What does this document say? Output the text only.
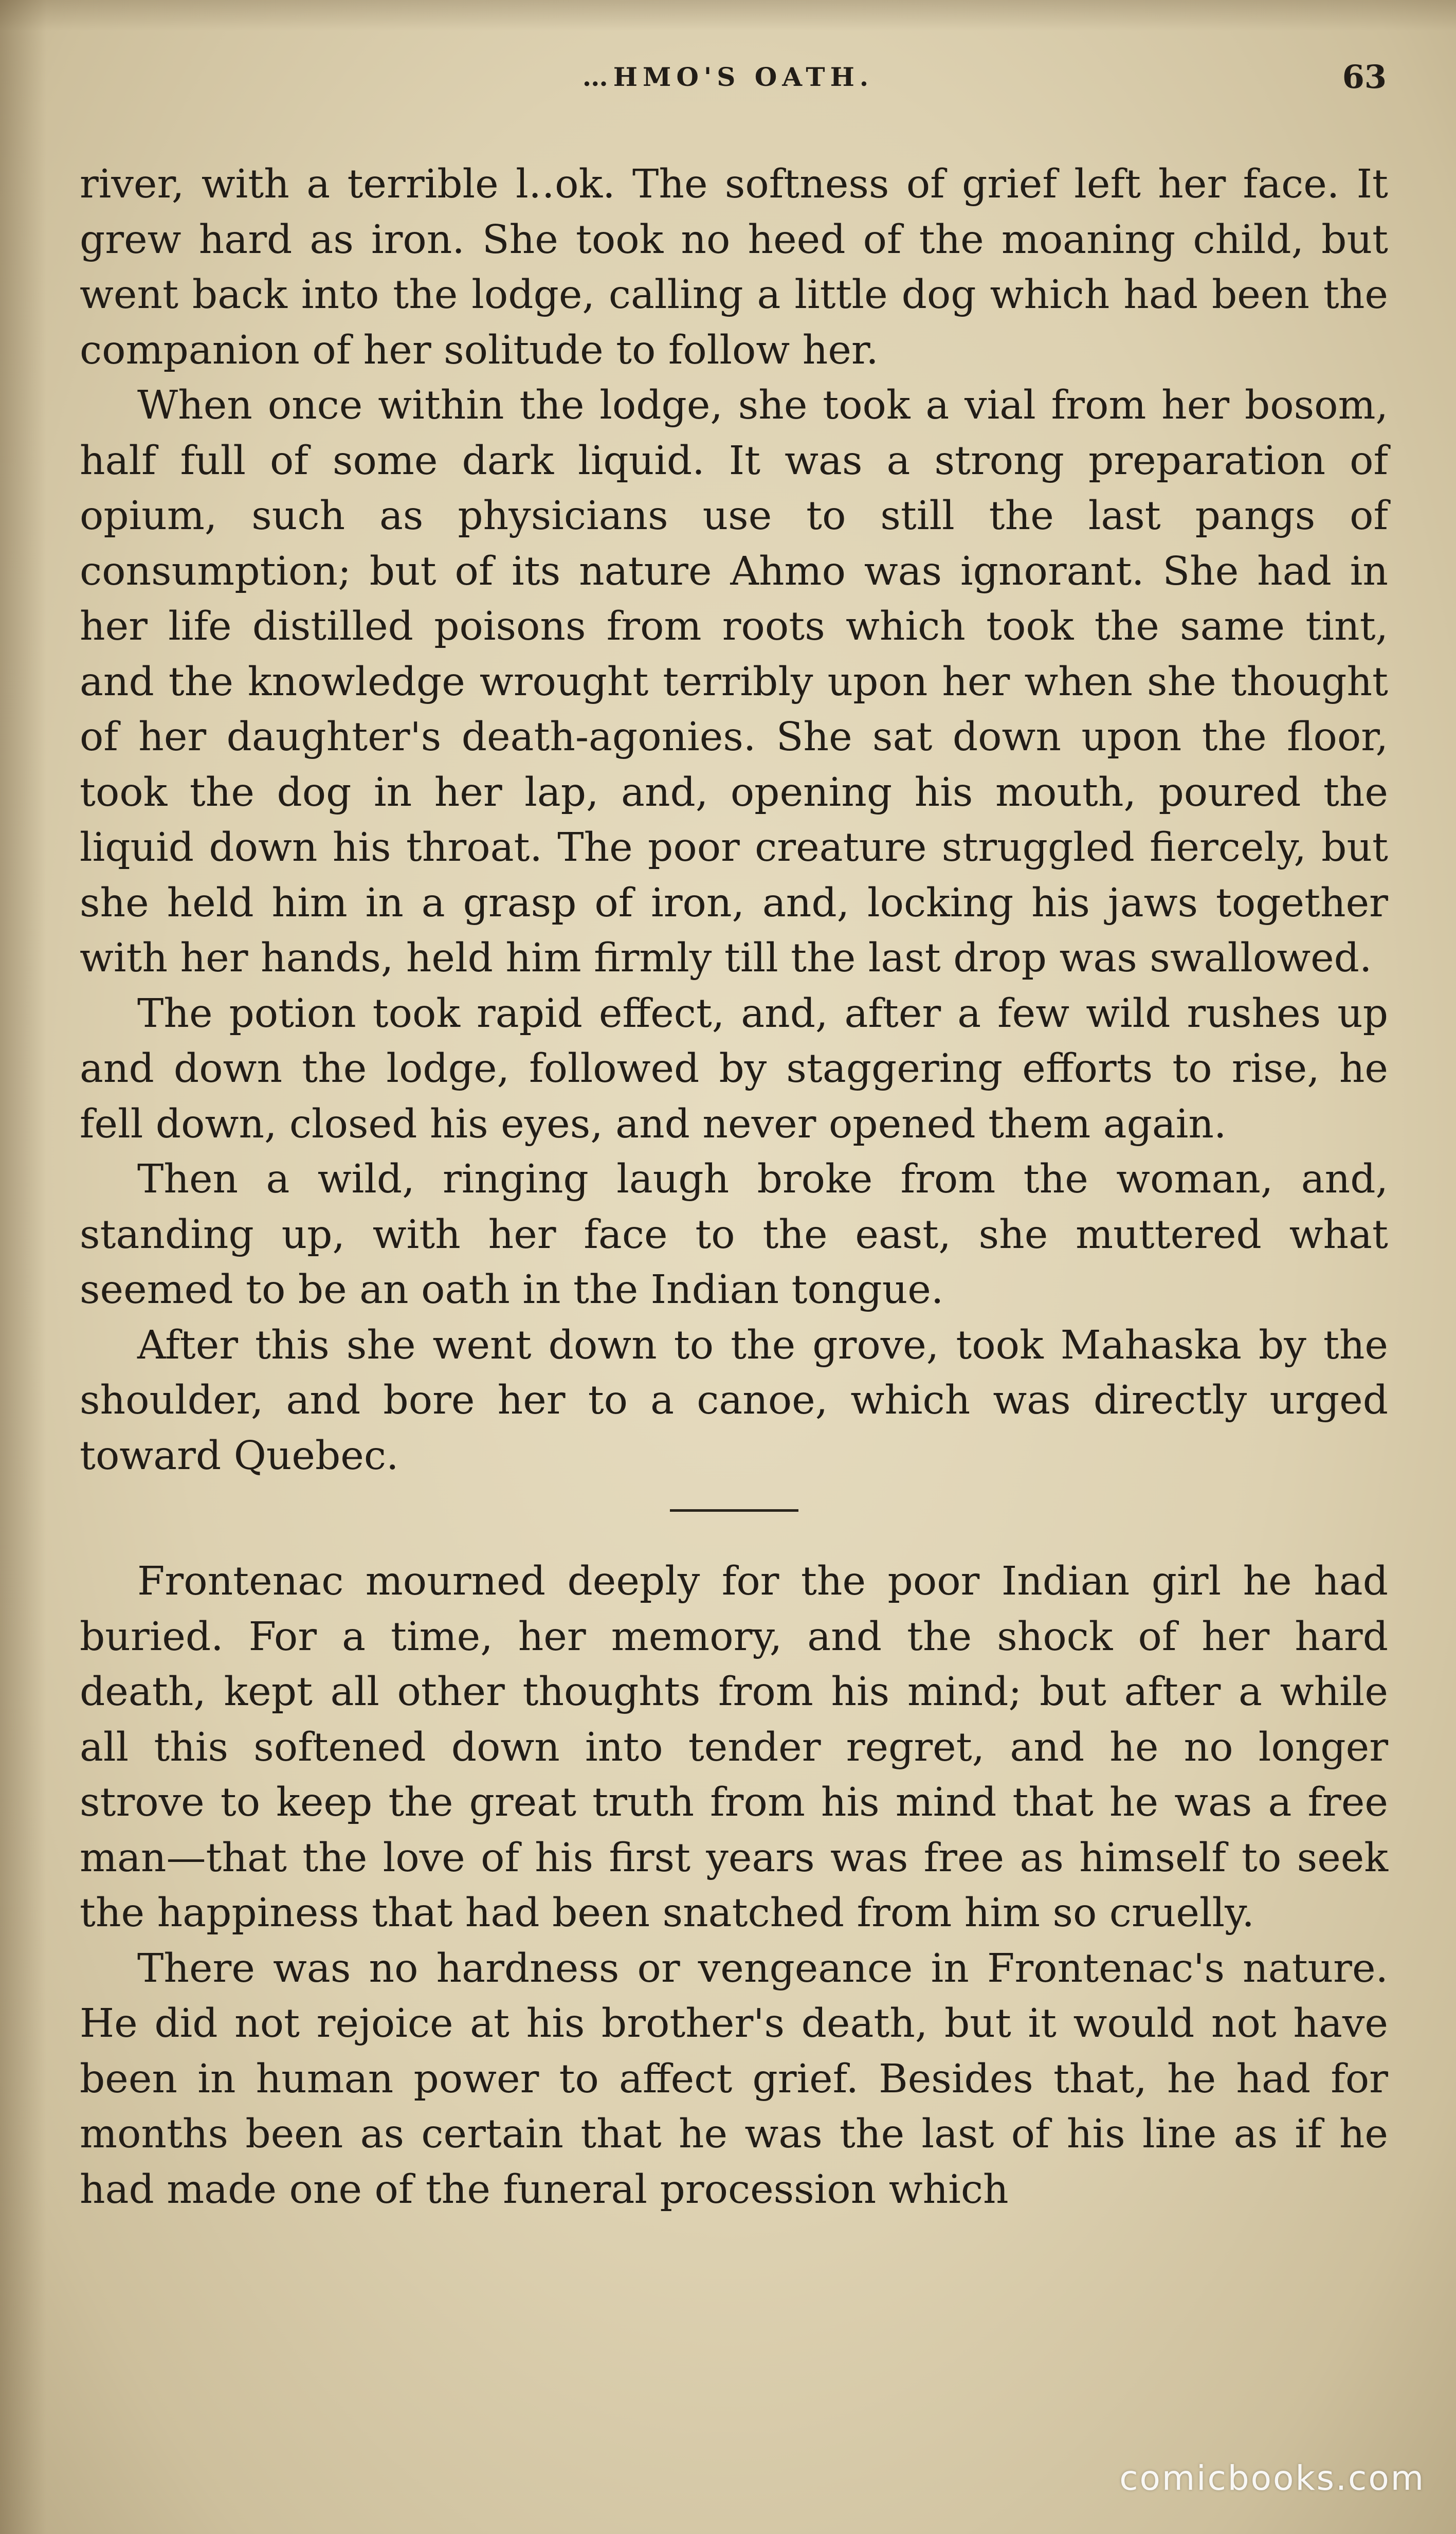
…HMO'S OATH.	63

river, with a terrible l‥ok. The softness of grief left her face. It grew hard as iron. She took no heed of the moaning child, but went back into the lodge, calling a little dog which had been the companion of her solitude to follow her.

When once within the lodge, she took a vial from her bosom, half full of some dark liquid. It was a strong preparation of opium, such as physicians use to still the last pangs of consumption; but of its nature Ahmo was ignorant. She had in her life distilled poisons from roots which took the same tint, and the knowledge wrought terribly upon her when she thought of her daughter's death-agonies. She sat down upon the floor, took the dog in her lap, and, opening his mouth, poured the liquid down his throat. The poor creature struggled fiercely, but she held him in a grasp of iron, and, locking his jaws together with her hands, held him firmly till the last drop was swallowed.

The potion took rapid effect, and, after a few wild rushes up and down the lodge, followed by staggering efforts to rise, he fell down, closed his eyes, and never opened them again.

Then a wild, ringing laugh broke from the woman, and, standing up, with her face to the east, she muttered what seemed to be an oath in the Indian tongue.

After this she went down to the grove, took Mahaska by the shoulder, and bore her to a canoe, which was directly urged toward Quebec.

Frontenac mourned deeply for the poor Indian girl he had buried. For a time, her memory, and the shock of her hard death, kept all other thoughts from his mind; but after a while all this softened down into tender regret, and he no longer strove to keep the great truth from his mind that he was a free man—that the love of his first years was free as himself to seek the happiness that had been snatched from him so cruelly.

There was no hardness or vengeance in Frontenac's nature. He did not rejoice at his brother's death, but it would not have been in human power to affect grief. Besides that, he had for months been as certain that he was the last of his line as if he had made one of the funeral procession which

comicbooks.com
